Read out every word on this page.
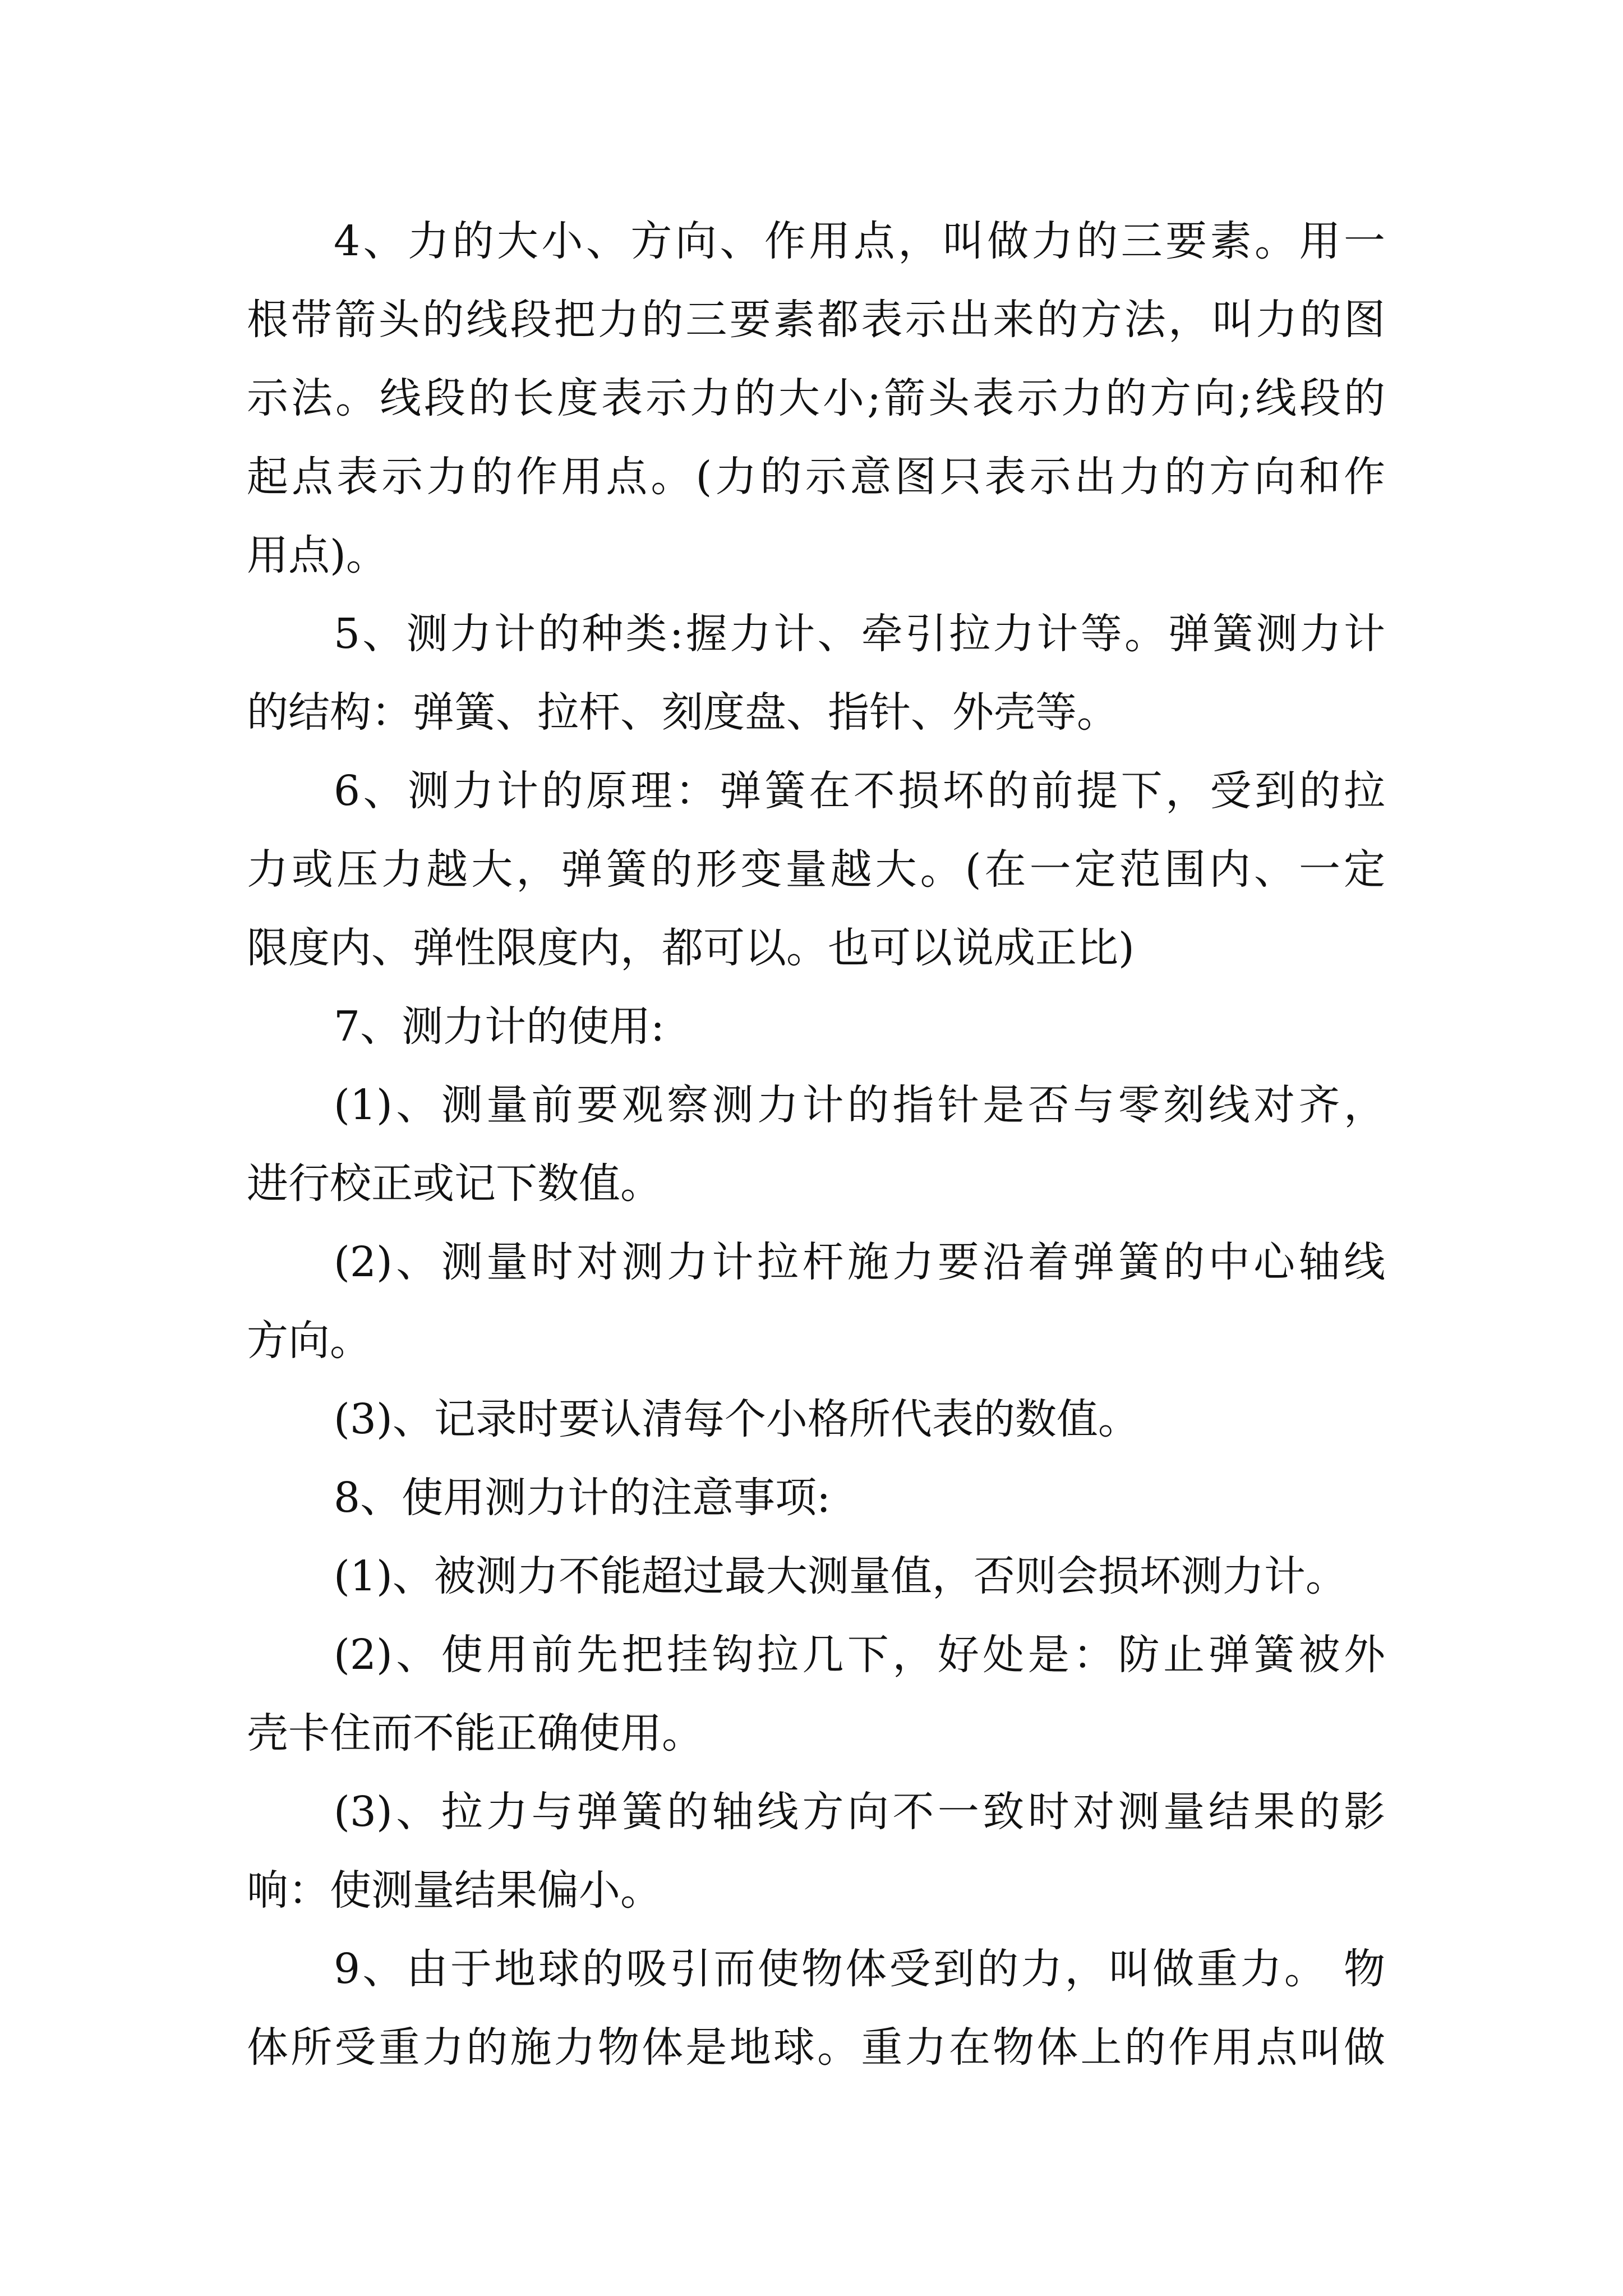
4、力的大小、方向、作用点，叫做力的三要素。用一
根带箭头的线段把力的三要素都表示出来的方法，叫力的图
示法。线段的长度表示力的大小;箭头表示力的方向;线段的
起点表示力的作用点。(力的示意图只表示出力的方向和作
用点)。
5、测力计的种类:握力计、牵引拉力计等。弹簧测力计
的结构：弹簧、拉杆、刻度盘、指针、外壳等。
6、测力计的原理：弹簧在不损坏的前提下，受到的拉
力或压力越大，弹簧的形变量越大。(在一定范围内、一定
限度内、弹性限度内，都可以。也可以说成正比)
7、测力计的使用:
(1)、测量前要观察测力计的指针是否与零刻线对齐，
进行校正或记下数值。
(2)、测量时对测力计拉杆施力要沿着弹簧的中心轴线
方向。
(3)、记录时要认清每个小格所代表的数值。
8、使用测力计的注意事项:
(1)、被测力不能超过最大测量值，否则会损坏测力计。
(2)、使用前先把挂钩拉几下，好处是：防止弹簧被外
壳卡住而不能正确使用。
(3)、拉力与弹簧的轴线方向不一致时对测量结果的影
响：使测量结果偏小。
9、由于地球的吸引而使物体受到的力，叫做重力。 物
体所受重力的施力物体是地球。重力在物体上的作用点叫做
